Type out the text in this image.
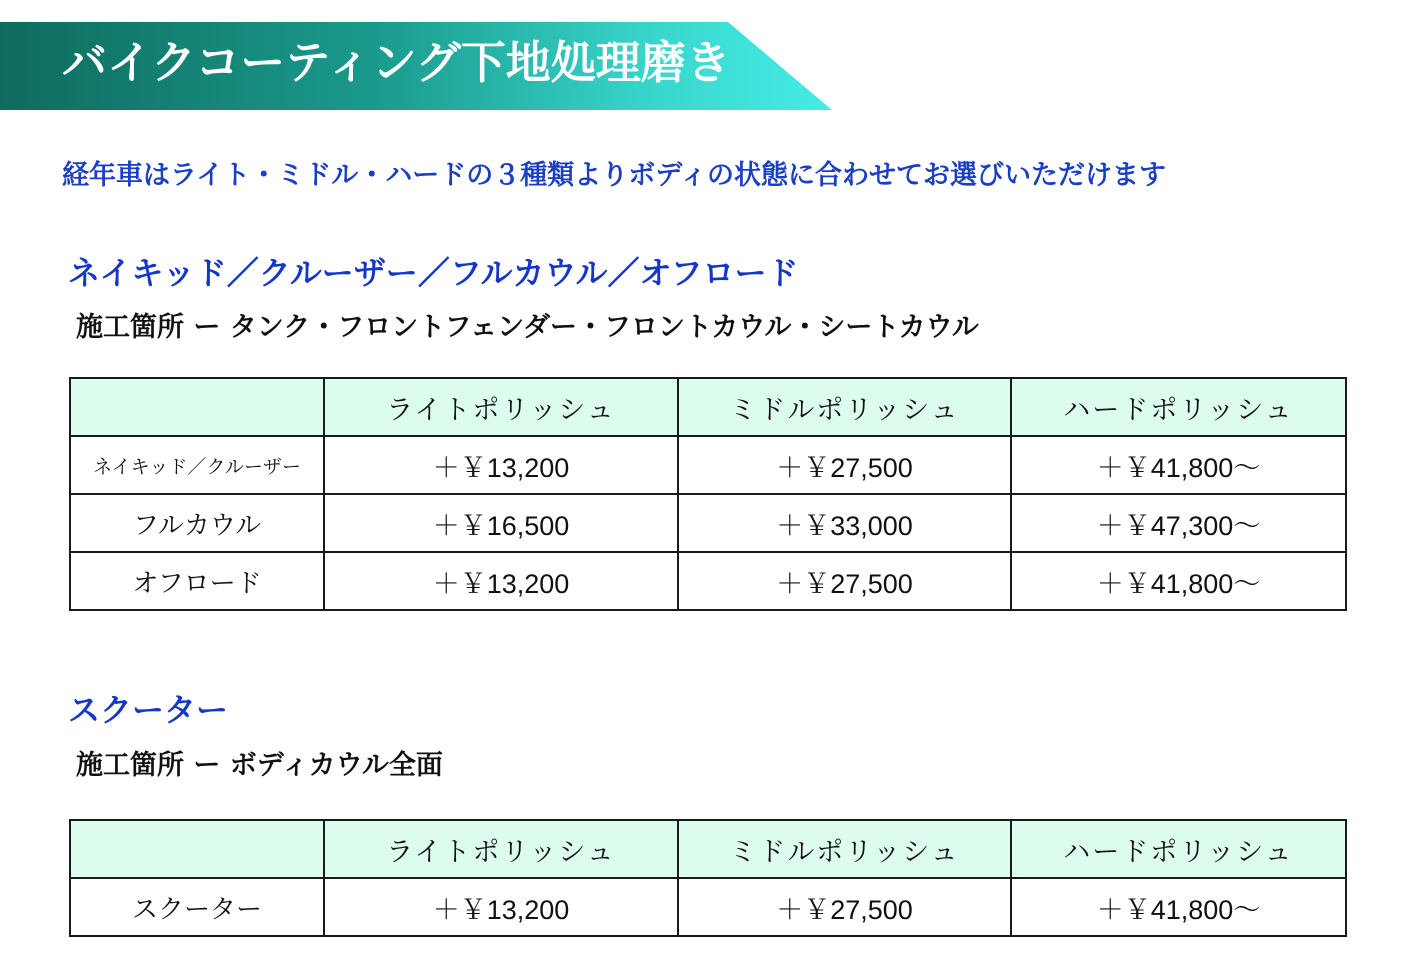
バイクコーティング下地処理磨き
経年車はライト・ミドル・ハードの３種類よりボディの状態に合わせてお選びいただけます
ネイキッド／クルーザー／フルカウル／オフロード
施工箇所 ー タンク・フロントフェンダー・フロントカウル・シートカウル
	ライトポリッシュ	ミドルポリッシュ	ハードポリッシュ
ネイキッド／クルーザー	＋￥13,200	＋￥27,500	＋￥41,800～
フルカウル	＋￥16,500	＋￥33,000	＋￥47,300～
オフロード	＋￥13,200	＋￥27,500	＋￥41,800～
スクーター
施工箇所 ー ボディカウル全面
	ライトポリッシュ	ミドルポリッシュ	ハードポリッシュ
スクーター	＋￥13,200	＋￥27,500	＋￥41,800～
